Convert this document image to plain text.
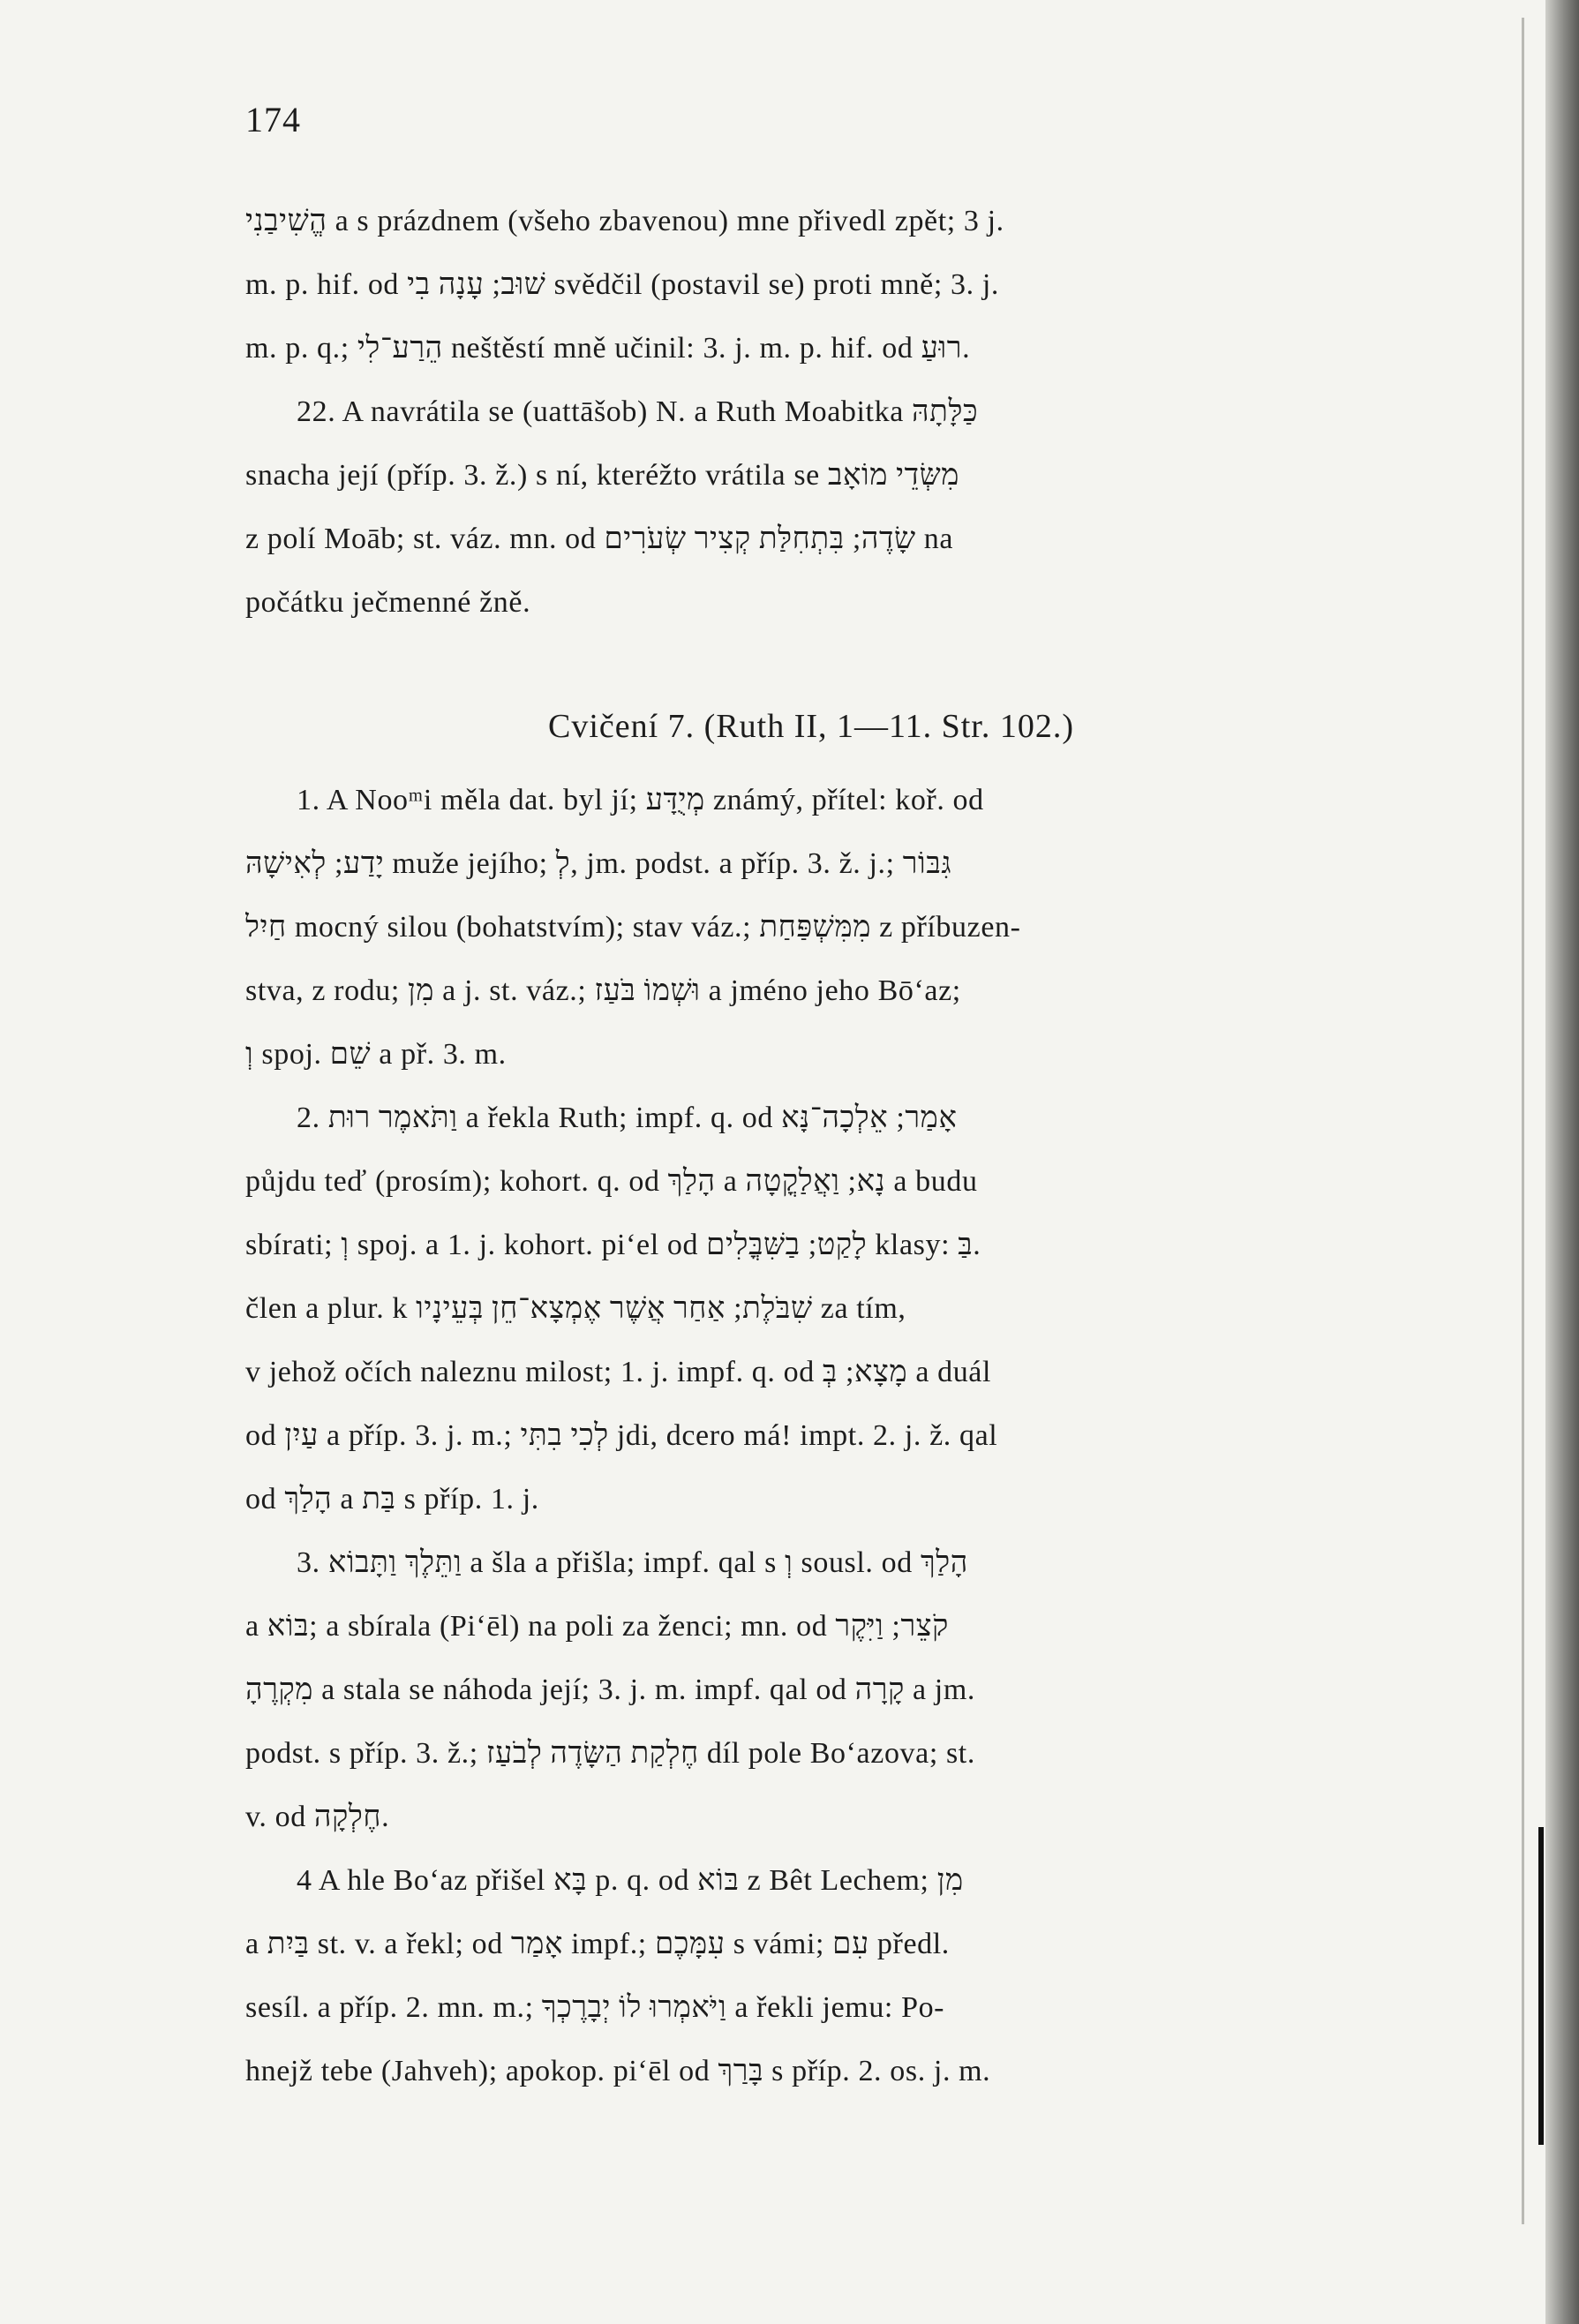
174
הֱשִׁיבַנִי a s prázdnem (všeho zbavenou) mne přivedl zpět; 3 j.
m. p. hif. od שׁוּב; עָנָה בִי svědčil (postavil se) proti mně; 3. j.
m. p. q.; הֵרַע־לִי neštěstí mně učinil: 3. j. m. p. hif. od רוּעַ.
22. A navrátila se (uattāšob) N. a Ruth Moabitka כַּלָּתָהּ
snacha její (příp. 3. ž.) s ní, kteréžto vrátila se מִשְּׂדֵי מוֹאָב
z polí Moāb; st. váz. mn. od שָׂדֶה; בִּתְחִלַּת קְצִיר שְׂעֹרִים na
počátku ječmenné žně.
Cvičení 7. (Ruth II, 1—11. Str. 102.)
1. A Nooᵐi měla dat. byl jí; מְיֻדָּע známý, přítel: koř. od
יָדַע; לְאִישָׁהּ muže jejího; לְ, jm. podst. a příp. 3. ž. j.; גִּבּוֹר
חַיִל mocný silou (bohatstvím); stav váz.; מִמִּשְׁפַּחַת z příbuzen-
stva, z rodu; מִן a j. st. váz.; וּשְׁמוֹ בֹּעַז a jméno jeho Bōʻaz;
וְ spoj. שֵׁם a př. 3. m.
2. וַתֹּאמֶר רוּת a řekla Ruth; impf. q. od אָמַר; אֵלְכָה־נָּא
půjdu teď (prosím); kohort. q. od הָלַךְ a נָא; וַאֲלַקֳטָה a budu
sbírati; וְ spoj. a 1. j. kohort. piʻel od לָקַט; בַשִּׁבֳּלִים klasy: בַּ.
člen a plur. k שִׁבֹּלֶת; אַחַר אֲשֶׁר אֶמְצָא־חֵן בְּעֵינָיו za tím,
v jehož očích naleznu milost; 1. j. impf. q. od מָצָא; בְּ a duál
od עַיִן a příp. 3. j. m.; לְכִי בִתִּי jdi, dcero má! impt. 2. j. ž. qal
od הָלַךְ a בַּת s příp. 1. j.
3. וַתֵּלֶךְ וַתָּבוֹא a šla a přišla; impf. qal s וְ sousl. od הָלַךְ
a בּוֹא; a sbírala (Piʻēl) na poli za ženci; mn. od קֹצֵר; וַיִּקֶר
מִקְרֶהָ a stala se náhoda její; 3. j. m. impf. qal od קָרָה a jm.
podst. s příp. 3. ž.; חֶלְקַת הַשָּׂדֶה לְבֹעַז díl pole Boʻazova; st.
v. od חֶלְקָה.
4 A hle Boʻaz přišel בָּא p. q. od בּוֹא z Bêt Lechem; מִן
a בַּיִת st. v. a řekl; od אָמַר impf.; עִמָּכֶם s vámi; עִם předl.
sesíl. a příp. 2. mn. m.; וַיֹּאמְרוּ לוֹ יְבָרֶכְךָ a řekli jemu: Po-
hnejž tebe (Jahveh); apokop. piʻēl od בָּרַךְ s příp. 2. os. j. m.
